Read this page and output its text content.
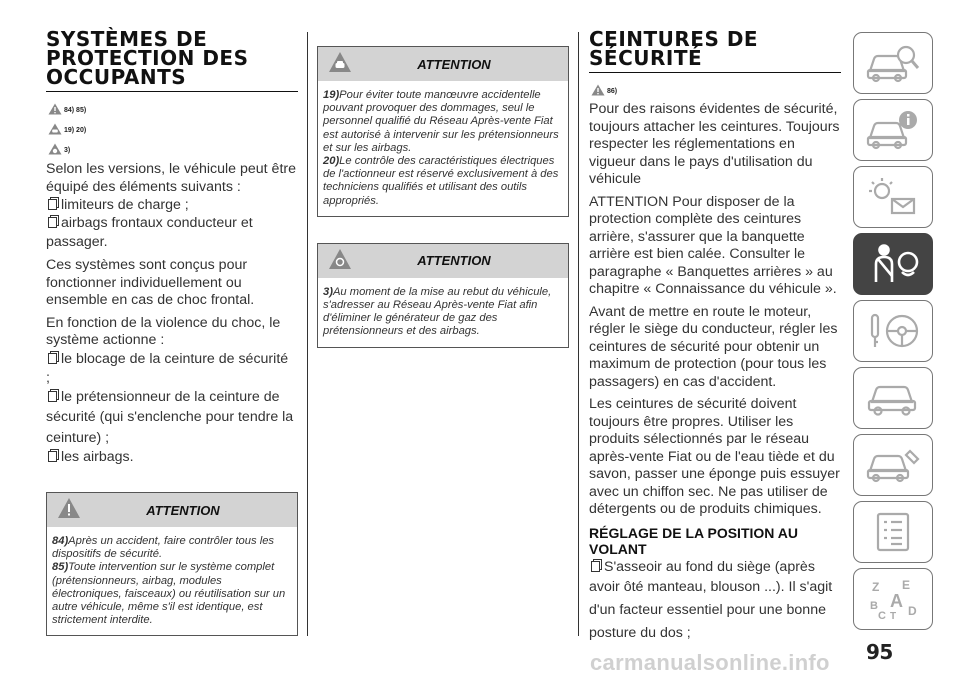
SYSTÈMES DE
PROTECTION DES
OCCUPANTS
84) 85)
19) 20)
3)

Selon les versions, le véhicule peut être équipé des éléments suivants :

limiteurs de charge ;
airbags frontaux conducteur et
passager.

Ces systèmes sont conçus pour fonctionner individuellement ou ensemble en cas de choc frontal.

En fonction de la violence du choc, le système actionne :

le blocage de la ceinture de sécurité
;
le prétensionneur de la ceinture de
sécurité (qui s'enclenche pour tendre la
ceinture) ;
les airbags.
ATTENTION

84)Après un accident, faire contrôler tous les dispositifs de sécurité.

85)Toute intervention sur le système complet (prétensionneurs, airbag, modules électroniques, faisceaux) ou réutilisation sur un autre véhicule, même s'il est identique, est strictement interdite.

ATTENTION

19)Pour éviter toute manœuvre accidentelle pouvant provoquer des dommages, seul le personnel qualifié du Réseau Après-vente Fiat est autorisé à intervenir sur les prétensionneurs et sur les airbags.

20)Le contrôle des caractéristiques électriques de l'actionneur est réservé exclusivement à des techniciens qualifiés et utilisant des outils appropriés.

ATTENTION

3)Au moment de la mise au rebut du véhicule, s'adresser au Réseau Après-vente Fiat afin d'éliminer le générateur de gaz des prétensionneurs et des airbags.

CEINTURES DE
SÉCURITÉ
86)

Pour des raisons évidentes de sécurité, toujours attacher les ceintures. Toujours respecter les réglementations en vigueur dans le pays d'utilisation du véhicule

ATTENTION Pour disposer de la protection complète des ceintures arrière, s'assurer que la banquette arrière est bien calée. Consulter le paragraphe « Banquettes arrières » au chapitre « Connaissance du véhicule ».

Avant de mettre en route le moteur, régler le siège du conducteur, régler les ceintures de sécurité pour obtenir un maximum de protection (pour tous les passagers) en cas d'accident.

Les ceintures de sécurité doivent toujours être propres. Utiliser les produits sélectionnés par le réseau après-vente Fiat ou de l'eau tiède et du savon, passer une éponge puis essuyer avec un chiffon sec. Ne pas utiliser de détergents ou de produits chimiques.

RÉGLAGE DE LA POSITION AU
VOLANT
S'asseoir au fond du siège (après
avoir ôté manteau, blouson ...). Il s'agit
d'un facteur essentiel pour une bonne
posture du dos ;
Z E
A
B
C T D
95
carmanualsonline.info
